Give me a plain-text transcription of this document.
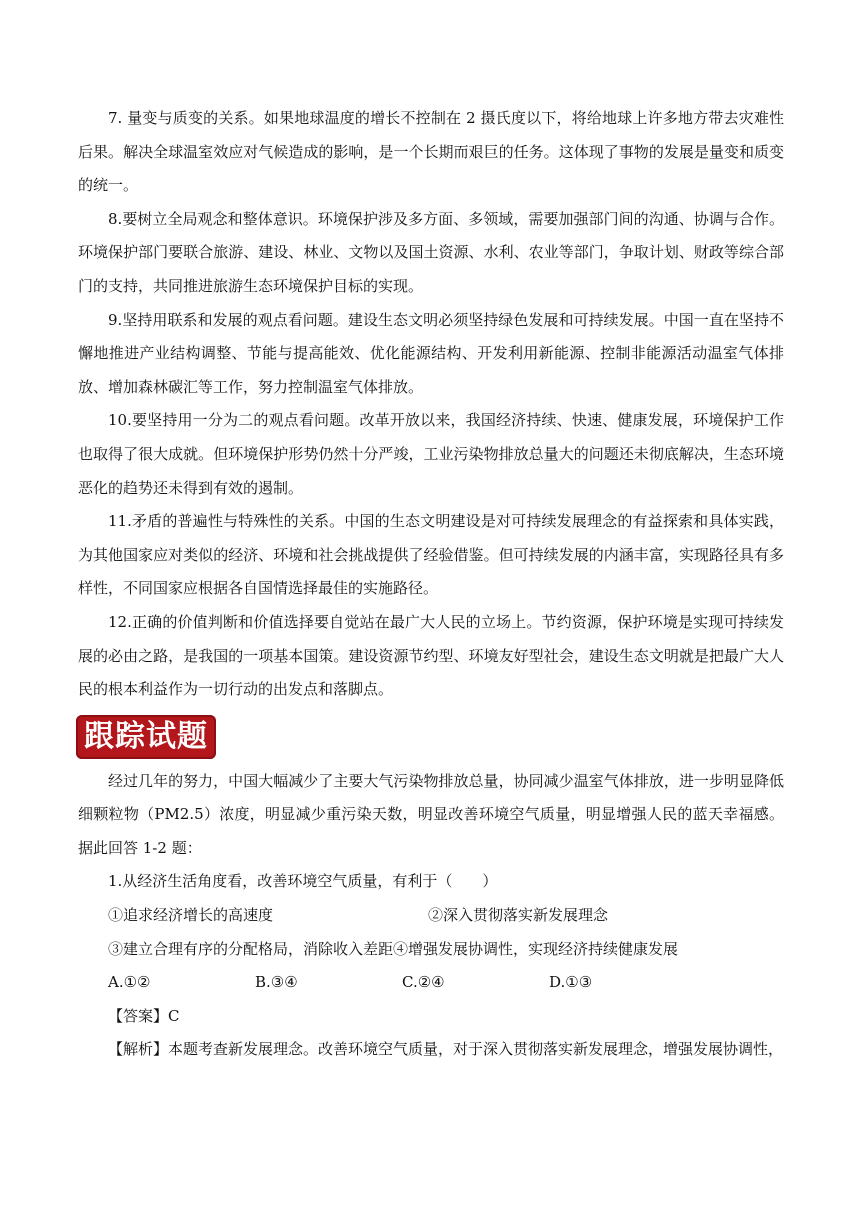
7. 量变与质变的关系。如果地球温度的增长不控制在 2 摄氏度以下，将给地球上许多地方带去灾难性后果。解决全球温室效应对气候造成的影响，是一个长期而艰巨的任务。这体现了事物的发展是量变和质变的统一。

8.要树立全局观念和整体意识。环境保护涉及多方面、多领域，需要加强部门间的沟通、协调与合作。环境保护部门要联合旅游、建设、林业、文物以及国土资源、水利、农业等部门，争取计划、财政等综合部门的支持，共同推进旅游生态环境保护目标的实现。

9.坚持用联系和发展的观点看问题。建设生态文明必须坚持绿色发展和可持续发展。中国一直在坚持不懈地推进产业结构调整、节能与提高能效、优化能源结构、开发利用新能源、控制非能源活动温室气体排放、增加森林碳汇等工作，努力控制温室气体排放。

10.要坚持用一分为二的观点看问题。改革开放以来，我国经济持续、快速、健康发展，环境保护工作也取得了很大成就。但环境保护形势仍然十分严竣，工业污染物排放总量大的问题还未彻底解决，生态环境恶化的趋势还未得到有效的遏制。

11.矛盾的普遍性与特殊性的关系。中国的生态文明建设是对可持续发展理念的有益探索和具体实践，为其他国家应对类似的经济、环境和社会挑战提供了经验借鉴。但可持续发展的内涵丰富，实现路径具有多样性，不同国家应根据各自国情选择最佳的实施路径。

12.正确的价值判断和价值选择要自觉站在最广大人民的立场上。节约资源，保护环境是实现可持续发展的必由之路，是我国的一项基本国策。建设资源节约型、环境友好型社会，建设生态文明就是把最广大人民的根本利益作为一切行动的出发点和落脚点。

跟踪试题

经过几年的努力，中国大幅减少了主要大气污染物排放总量，协同减少温室气体排放，进一步明显降低细颗粒物（PM2.5）浓度，明显减少重污染天数，明显改善环境空气质量，明显增强人民的蓝天幸福感。据此回答 1-2 题：

1.从经济生活角度看，改善环境空气质量，有利于（　　）

①追求经济增长的高速度	②深入贯彻落实新发展理念
③建立合理有序的分配格局，消除收入差距 ④增强发展协调性，实现经济持续健康发展
A.①②	B.③④	C.②④	D.①③

【答案】C

【解析】本题考查新发展理念。改善环境空气质量，对于深入贯彻落实新发展理念，增强发展协调性，
